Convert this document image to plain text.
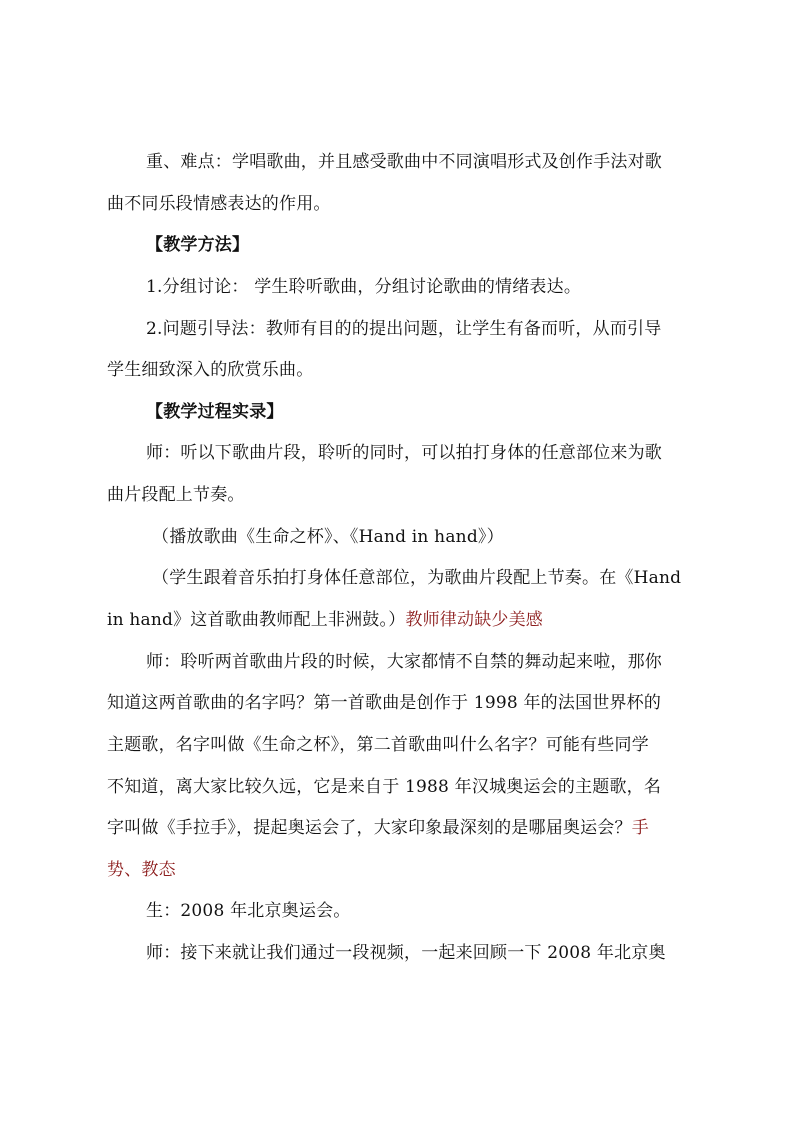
重、难点：学唱歌曲，并且感受歌曲中不同演唱形式及创作手法对歌
曲不同乐段情感表达的作用。
【教学方法】
1.分组讨论： 学生聆听歌曲，分组讨论歌曲的情绪表达。
2.问题引导法：教师有目的的提出问题，让学生有备而听，从而引导
学生细致深入的欣赏乐曲。
【教学过程实录】
师：听以下歌曲片段，聆听的同时，可以拍打身体的任意部位来为歌
曲片段配上节奏。
（播放歌曲《生命之杯》、《Hand in hand》）
（学生跟着音乐拍打身体任意部位，为歌曲片段配上节奏。在《Hand
in hand》这首歌曲教师配上非洲鼓。）教师律动缺少美感
师：聆听两首歌曲片段的时候，大家都情不自禁的舞动起来啦，那你
知道这两首歌曲的名字吗？第一首歌曲是创作于 1998 年的法国世界杯的
主题歌，名字叫做《生命之杯》，第二首歌曲叫什么名字？可能有些同学
不知道，离大家比较久远，它是来自于 1988 年汉城奥运会的主题歌，名
字叫做《手拉手》，提起奥运会了，大家印象最深刻的是哪届奥运会？手
势、教态
生：2008 年北京奥运会。
师：接下来就让我们通过一段视频，一起来回顾一下 2008 年北京奥
